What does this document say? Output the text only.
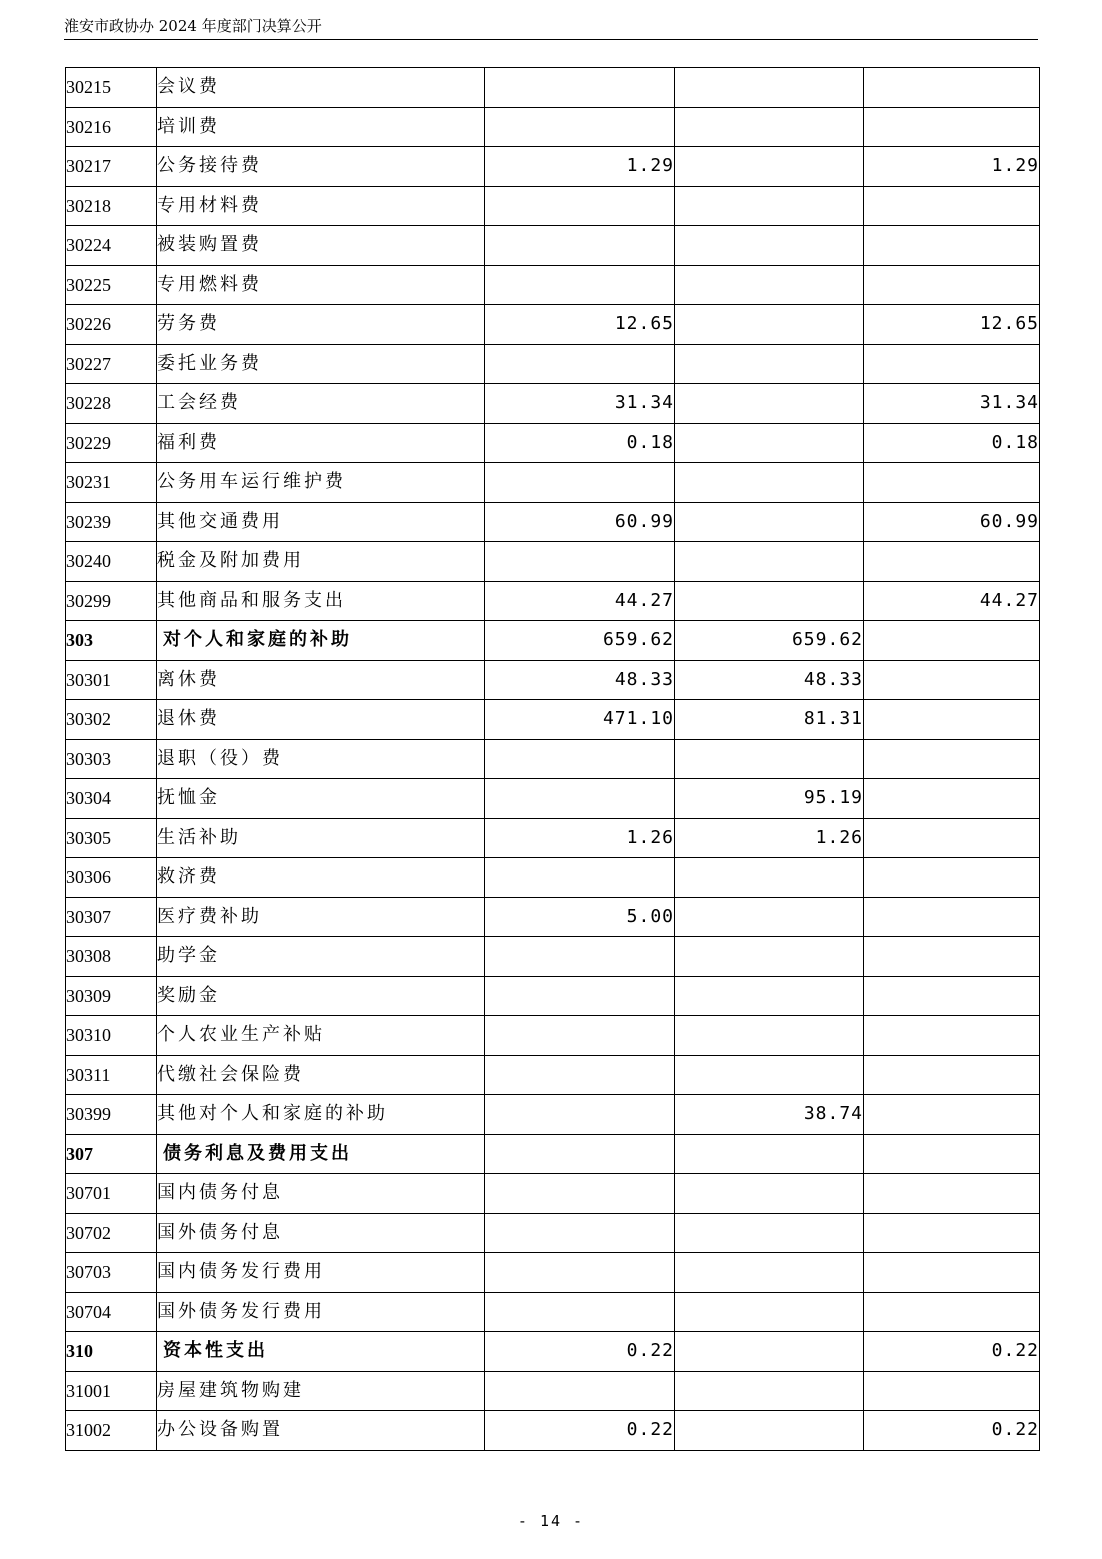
淮安市政协办 2024 年度部门决算公开
30215	会议费			
30216	培训费			
30217	公务接待费	1.29		1.29
30218	专用材料费			
30224	被装购置费			
30225	专用燃料费			
30226	劳务费	12.65		12.65
30227	委托业务费			
30228	工会经费	31.34		31.34
30229	福利费	0.18		0.18
30231	公务用车运行维护费			
30239	其他交通费用	60.99		60.99
30240	税金及附加费用			
30299	其他商品和服务支出	44.27		44.27
303	对个人和家庭的补助	659.62	659.62	
30301	离休费	48.33	48.33	
30302	退休费	471.10	81.31	
30303	退职（役）费			
30304	抚恤金		95.19	
30305	生活补助	1.26	1.26	
30306	救济费			
30307	医疗费补助	5.00		
30308	助学金			
30309	奖励金			
30310	个人农业生产补贴			
30311	代缴社会保险费			
30399	其他对个人和家庭的补助		38.74	
307	债务利息及费用支出			
30701	国内债务付息			
30702	国外债务付息			
30703	国内债务发行费用			
30704	国外债务发行费用			
310	资本性支出	0.22		0.22
31001	房屋建筑物购建			
31002	办公设备购置	0.22		0.22
- 14 -
